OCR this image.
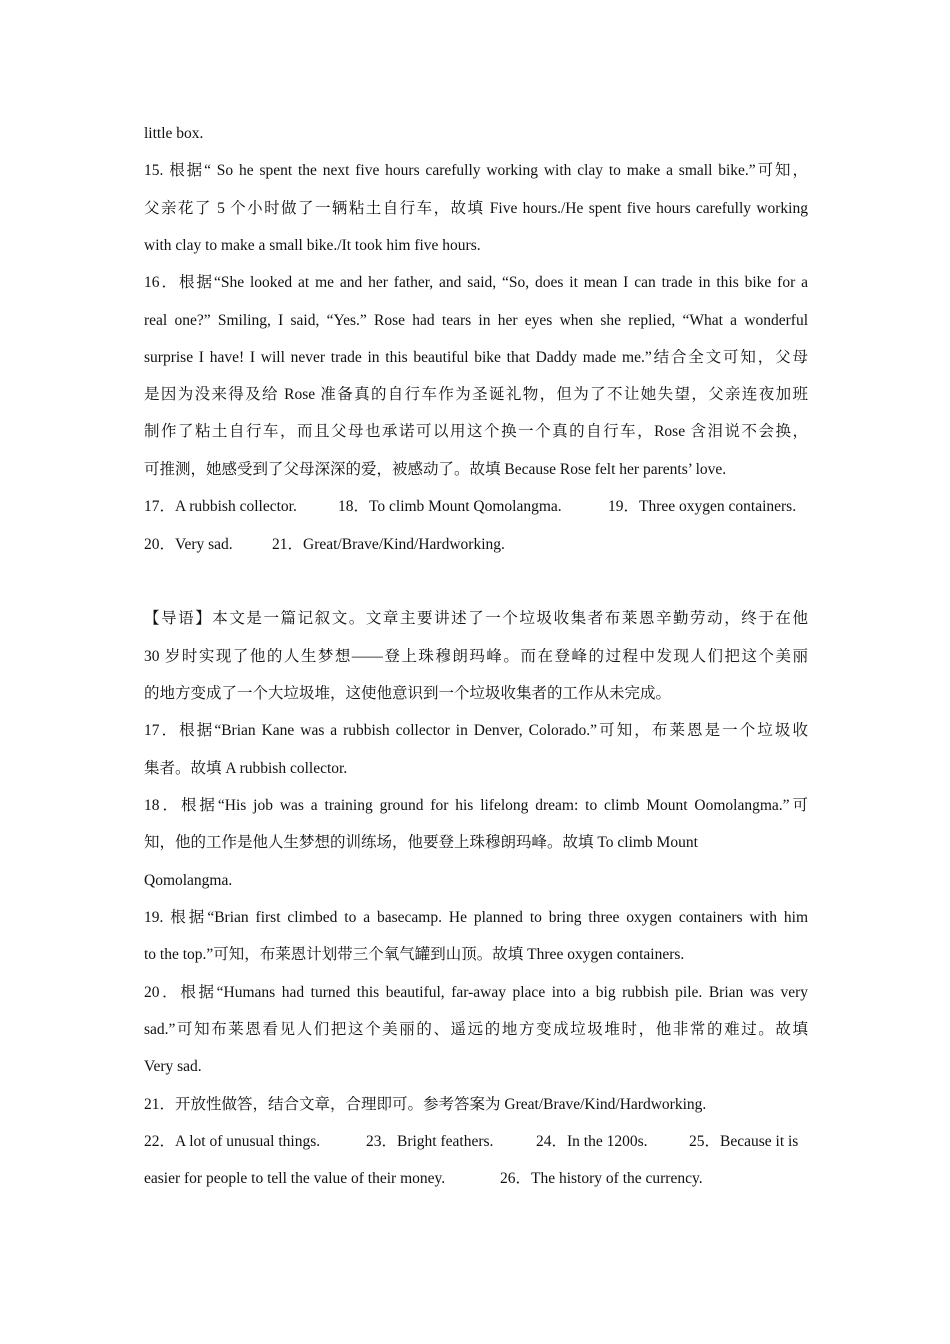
little box.
15. 根据“ So he spent the next five hours carefully working with clay to make a small bike.”可知，
父亲花了 5 个小时做了一辆粘土自行车，故填 Five hours./He spent five hours carefully working
with clay to make a small bike./It took him five hours.
16．根据“She looked at me and her father, and said, “So, does it mean I can trade in this bike for a
real one?” Smiling, I said, “Yes.” Rose had tears in her eyes when she replied, “What a wonderful
surprise I have! I will never trade in this beautiful bike that Daddy made me.”结合全文可知，父母
是因为没来得及给 Rose 准备真的自行车作为圣诞礼物，但为了不让她失望，父亲连夜加班
制作了粘土自行车，而且父母也承诺可以用这个换一个真的自行车，Rose 含泪说不会换，
可推测，她感受到了父母深深的爱，被感动了。故填 Because Rose felt her parents’ love.
17．A rubbish collector.	18．To climb Mount Qomolangma.	19．Three oxygen containers.
20．Very sad.	21．Great/Brave/Kind/Hardworking.
【导语】本文是一篇记叙文。文章主要讲述了一个垃圾收集者布莱恩辛勤劳动，终于在他
30 岁时实现了他的人生梦想——登上珠穆朗玛峰。而在登峰的过程中发现人们把这个美丽
的地方变成了一个大垃圾堆，这使他意识到一个垃圾收集者的工作从未完成。
17．根据“Brian Kane was a rubbish collector in Denver, Colorado.”可知，布莱恩是一个垃圾收
集者。故填 A rubbish collector.
18．根据“His job was a training ground for his lifelong dream: to climb Mount Oomolangma.”可
知，他的工作是他人生梦想的训练场，他要登上珠穆朗玛峰。故填 To climb Mount
Qomolangma.
19. 根据“Brian first climbed to a basecamp. He planned to bring three oxygen containers with him
to the top.”可知，布莱恩计划带三个氧气罐到山顶。故填 Three oxygen containers.
20．根据“Humans had turned this beautiful, far-away place into a big rubbish pile. Brian was very
sad.”可知布莱恩看见人们把这个美丽的、遥远的地方变成垃圾堆时，他非常的难过。故填
Very sad.
21．开放性做答，结合文章，合理即可。参考答案为 Great/Brave/Kind/Hardworking.
22．A lot of unusual things.	23．Bright feathers.	24．In the 1200s.	25．Because it is
easier for people to tell the value of their money.	26．The history of the currency.
